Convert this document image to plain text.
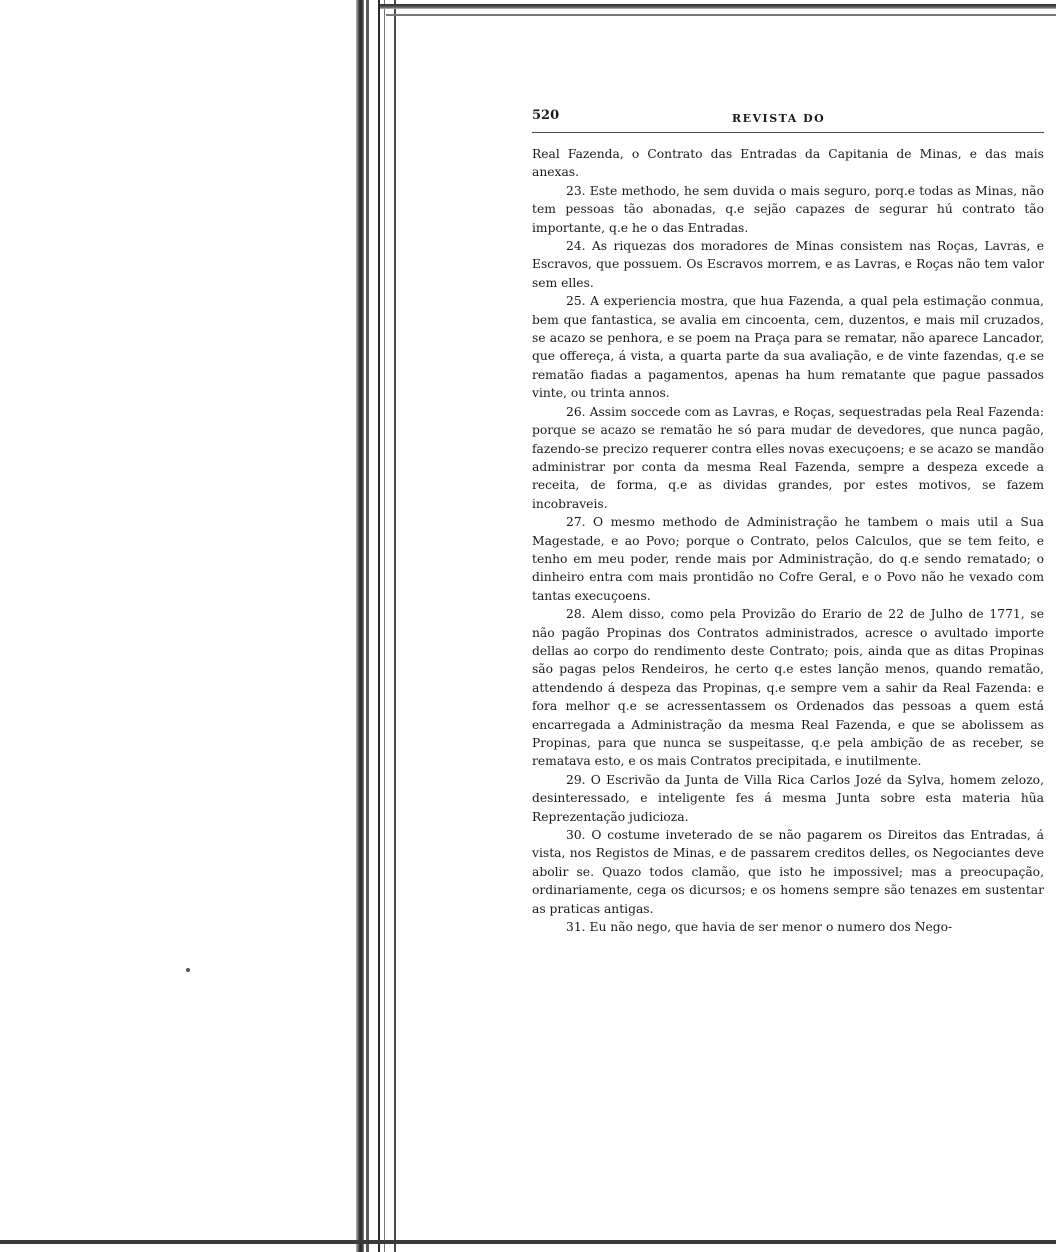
520	REVISTA DO

Real Fazenda, o Contrato das Entradas da Capitania de Minas, e das mais anexas.

23. Este methodo, he sem duvida o mais seguro, porq.e todas as Minas, não tem pessoas tão abonadas, q.e sejão capazes de segurar hú contrato tão importante, q.e he o das Entradas.

24. As riquezas dos moradores de Minas consistem nas Roças, Lavras, e Escravos, que possuem. Os Escravos morrem, e as Lavras, e Roças não tem valor sem elles.

25. A experiencia mostra, que hua Fazenda, a qual pela estimação conmua, bem que fantastica, se avalia em cincoenta, cem, duzentos, e mais mil cruzados, se acazo se penhora, e se poem na Praça para se rematar, não aparece Lancador, que offereça, á vista, a quarta parte da sua avaliação, e de vinte fazendas, q.e se rematão fiadas a pagamentos, apenas ha hum rematante que pague passados vinte, ou trinta annos.

26. Assim soccede com as Lavras, e Roças, sequestradas pela Real Fazenda: porque se acazo se rematão he só para mudar de devedores, que nunca pagão, fazendo-se precizo requerer contra elles novas execuçoens; e se acazo se mandão administrar por conta da mesma Real Fazenda, sempre a despeza excede a receita, de forma, q.e as dividas grandes, por estes motivos, se fazem incobraveis.

27. O mesmo methodo de Administração he tambem o mais util a Sua Magestade, e ao Povo; porque o Contrato, pelos Calculos, que se tem feito, e tenho em meu poder, rende mais por Administração, do q.e sendo rematado; o dinheiro entra com mais prontidão no Cofre Geral, e o Povo não he vexado com tantas execuçoens.

28. Alem disso, como pela Provizão do Erario de 22 de Julho de 1771, se não pagão Propinas dos Contratos administrados, acresce o avultado importe dellas ao corpo do rendimento deste Contrato; pois, ainda que as ditas Propinas são pagas pelos Rendeiros, he certo q.e estes lanção menos, quando rematão, attendendo á despeza das Propinas, q.e sempre vem a sahir da Real Fazenda: e fora melhor q.e se acressentassem os Ordenados das pessoas a quem está encarregada a Administração da mesma Real Fazenda, e que se abolissem as Propinas, para que nunca se suspeitasse, q.e pela ambição de as receber, se rematava esto, e os mais Contratos precipitada, e inutilmente.

29. O Escrivão da Junta de Villa Rica Carlos Jozé da Sylva, homem zelozo, desinteressado, e inteligente fes á mesma Junta sobre esta materia hũa Reprezentação judicioza.

30. O costume inveterado de se não pagarem os Direitos das Entradas, á vista, nos Registos de Minas, e de passarem creditos delles, os Negociantes deve abolir se. Quazo todos clamão, que isto he impossivel; mas a preocupação, ordinariamente, cega os dicursos; e os homens sempre são tenazes em sustentar as praticas antigas.

31. Eu não nego, que havia de ser menor o numero dos Nego-
